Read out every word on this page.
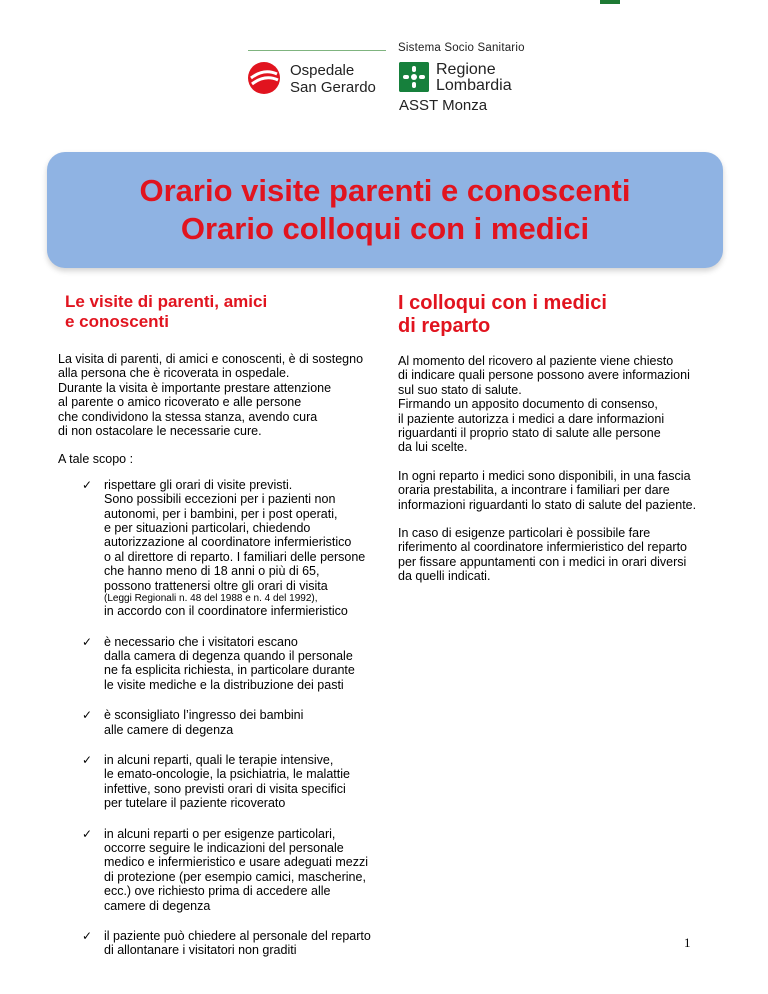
Sistema Socio Sanitario
Ospedale
San Gerardo
Regione
Lombardia
ASST Monza
Orario visite parenti e conoscenti
Orario colloqui con i medici
Le visite di parenti, amici
e conoscenti

La visita di parenti, di amici e conoscenti, è di sostegno
alla persona che è ricoverata in ospedale.
Durante la visita è importante prestare attenzione
al parente o amico ricoverato e alle persone
che condividono la stessa stanza, avendo cura
di non ostacolare le necessarie cure.

A tale scopo :

✓ rispettare gli orari di visite previsti.
Sono possibili eccezioni per i pazienti non
autonomi, per i bambini, per i post operati,
e per situazioni particolari, chiedendo
autorizzazione al coordinatore infermieristico
o al direttore di reparto. I familiari delle persone
che hanno meno di 18 anni o più di 65,
possono trattenersi oltre gli orari di visita
(Leggi Regionali n. 48 del 1988 e n. 4 del 1992),
in accordo con il coordinatore infermieristico
✓ è necessario che i visitatori escano
dalla camera di degenza quando il personale
ne fa esplicita richiesta, in particolare durante
le visite mediche e la distribuzione dei pasti
✓ è sconsigliato l’ingresso dei bambini
alle camere di degenza
✓ in alcuni reparti, quali le terapie intensive,
le emato-oncologie, la psichiatria, le malattie
infettive, sono previsti orari di visita specifici
per tutelare il paziente ricoverato
✓ in alcuni reparti o per esigenze particolari,
occorre seguire le indicazioni del personale
medico e infermieristico e usare adeguati mezzi
di protezione (per esempio camici, mascherine,
ecc.) ove richiesto prima di accedere alle
camere di degenza
✓ il paziente può chiedere al personale del reparto
di allontanare i visitatori non graditi
I colloqui con i medici
di reparto

Al momento del ricovero al paziente viene chiesto
di indicare quali persone possono avere informazioni
sul suo stato di salute.
Firmando un apposito documento di consenso,
il paziente autorizza i medici a dare informazioni
riguardanti il proprio stato di salute alle persone
da lui scelte.

In ogni reparto i medici sono disponibili, in una fascia
oraria prestabilita, a incontrare i familiari per dare
informazioni riguardanti lo stato di salute del paziente.

In caso di esigenze particolari è possibile fare
riferimento al coordinatore infermieristico del reparto
per fissare appuntamenti con i medici in orari diversi
da quelli indicati.

1
